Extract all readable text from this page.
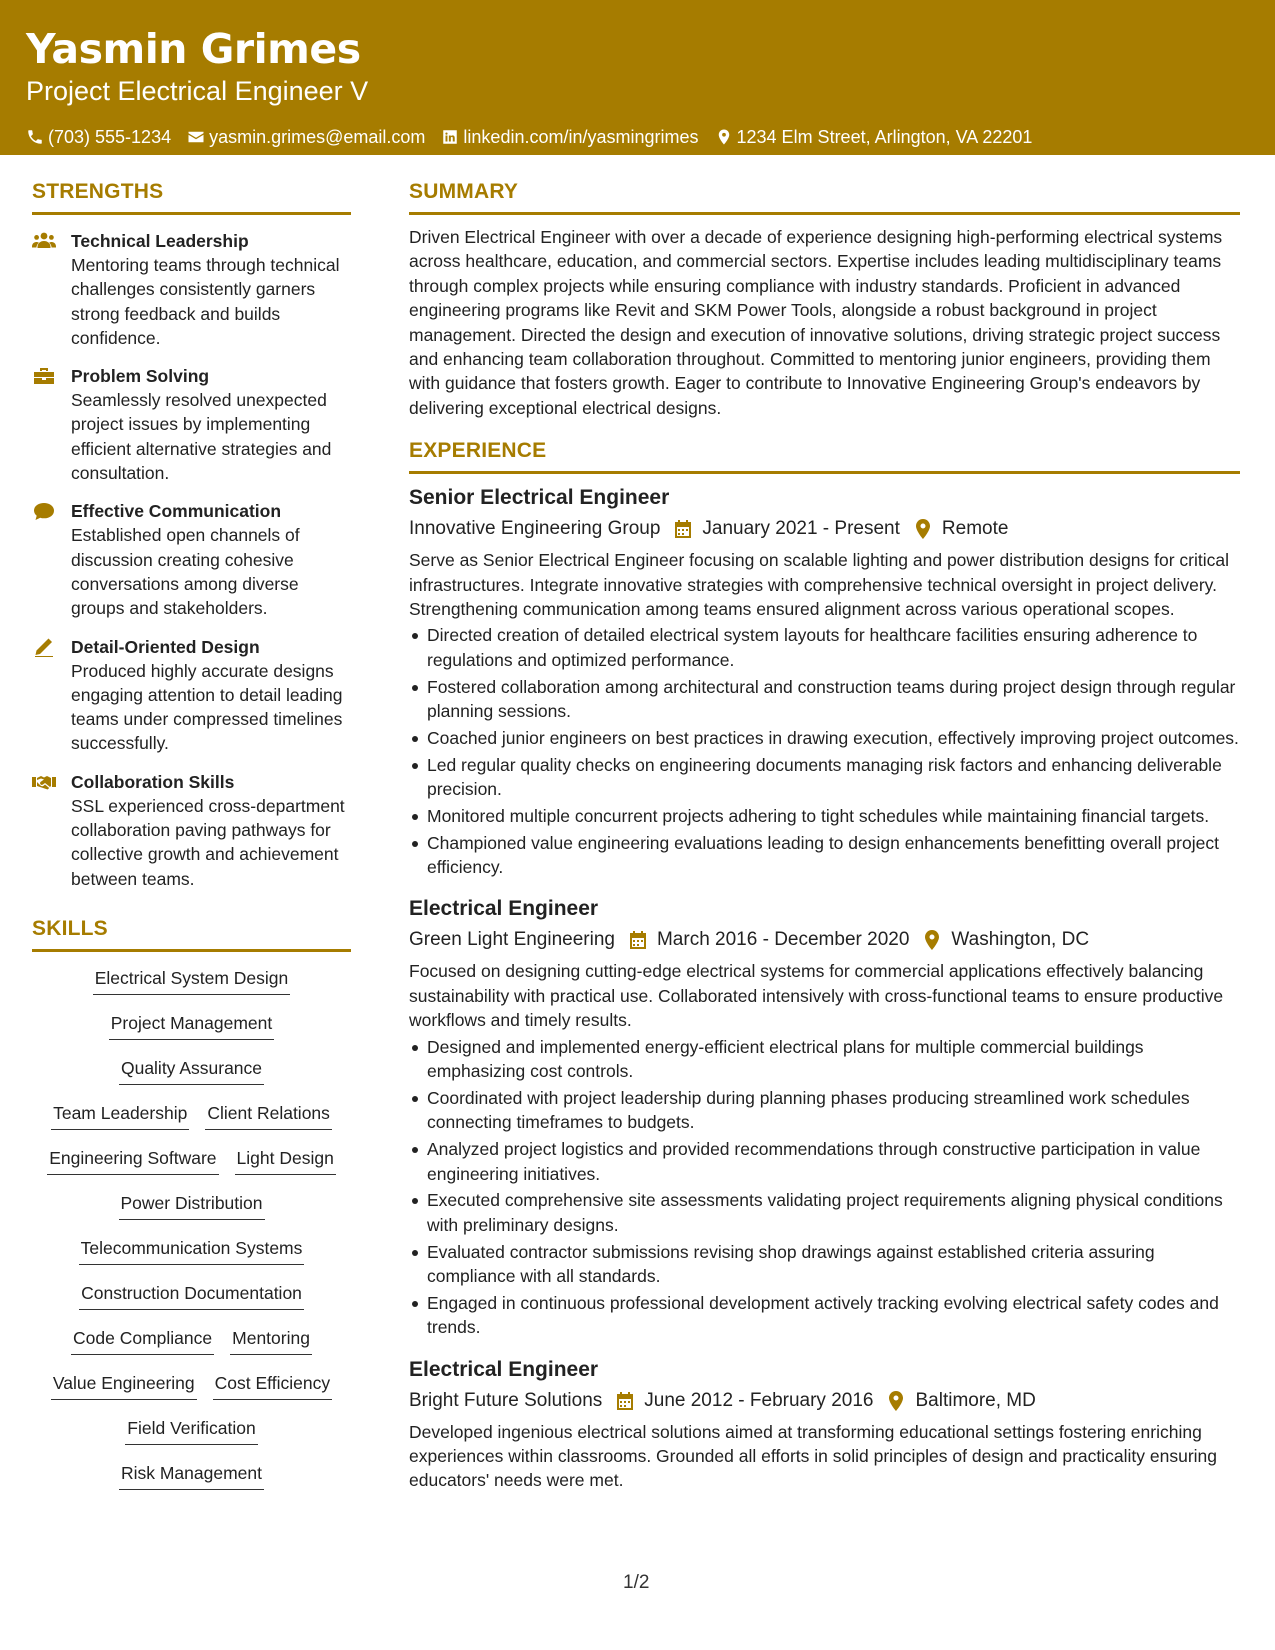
Yasmin Grimes
Project Electrical Engineer V
(703) 555-1234 yasmin.grimes@email.com linkedin.com/in/yasmingrimes 1234 Elm Street, Arlington, VA 22201
STRENGTHS
Technical Leadership
Mentoring teams through technical challenges consistently garners strong feedback and builds confidence.
Problem Solving
Seamlessly resolved unexpected project issues by implementing efficient alternative strategies and consultation.
Effective Communication
Established open channels of discussion creating cohesive conversations among diverse groups and stakeholders.
Detail-Oriented Design
Produced highly accurate designs engaging attention to detail leading teams under compressed timelines successfully.
Collaboration Skills
SSL experienced cross-department collaboration paving pathways for collective growth and achievement between teams.
SKILLS
Electrical System Design
Project Management
Quality Assurance
Team Leadership Client Relations
Engineering Software Light Design
Power Distribution
Telecommunication Systems
Construction Documentation
Code Compliance Mentoring
Value Engineering Cost Efficiency
Field Verification
Risk Management
SUMMARY
Driven Electrical Engineer with over a decade of experience designing high-performing electrical systems across healthcare, education, and commercial sectors. Expertise includes leading multidisciplinary teams through complex projects while ensuring compliance with industry standards. Proficient in advanced engineering programs like Revit and SKM Power Tools, alongside a robust background in project management. Directed the design and execution of innovative solutions, driving strategic project success and enhancing team collaboration throughout. Committed to mentoring junior engineers, providing them with guidance that fosters growth. Eager to contribute to Innovative Engineering Group's endeavors by delivering exceptional electrical designs.
EXPERIENCE
Senior Electrical Engineer
Innovative Engineering Group January 2021 - Present Remote
Serve as Senior Electrical Engineer focusing on scalable lighting and power distribution designs for critical infrastructures. Integrate innovative strategies with comprehensive technical oversight in project delivery. Strengthening communication among teams ensured alignment across various operational scopes.
Directed creation of detailed electrical system layouts for healthcare facilities ensuring adherence to regulations and optimized performance.
Fostered collaboration among architectural and construction teams during project design through regular planning sessions.
Coached junior engineers on best practices in drawing execution, effectively improving project outcomes.
Led regular quality checks on engineering documents managing risk factors and enhancing deliverable precision.
Monitored multiple concurrent projects adhering to tight schedules while maintaining financial targets.
Championed value engineering evaluations leading to design enhancements benefitting overall project efficiency.
Electrical Engineer
Green Light Engineering March 2016 - December 2020 Washington, DC
Focused on designing cutting-edge electrical systems for commercial applications effectively balancing sustainability with practical use. Collaborated intensively with cross-functional teams to ensure productive workflows and timely results.
Designed and implemented energy-efficient electrical plans for multiple commercial buildings emphasizing cost controls.
Coordinated with project leadership during planning phases producing streamlined work schedules connecting timeframes to budgets.
Analyzed project logistics and provided recommendations through constructive participation in value engineering initiatives.
Executed comprehensive site assessments validating project requirements aligning physical conditions with preliminary designs.
Evaluated contractor submissions revising shop drawings against established criteria assuring compliance with all standards.
Engaged in continuous professional development actively tracking evolving electrical safety codes and trends.
Electrical Engineer
Bright Future Solutions June 2012 - February 2016 Baltimore, MD
Developed ingenious electrical solutions aimed at transforming educational settings fostering enriching experiences within classrooms. Grounded all efforts in solid principles of design and practicality ensuring educators' needs were met.
1/2
